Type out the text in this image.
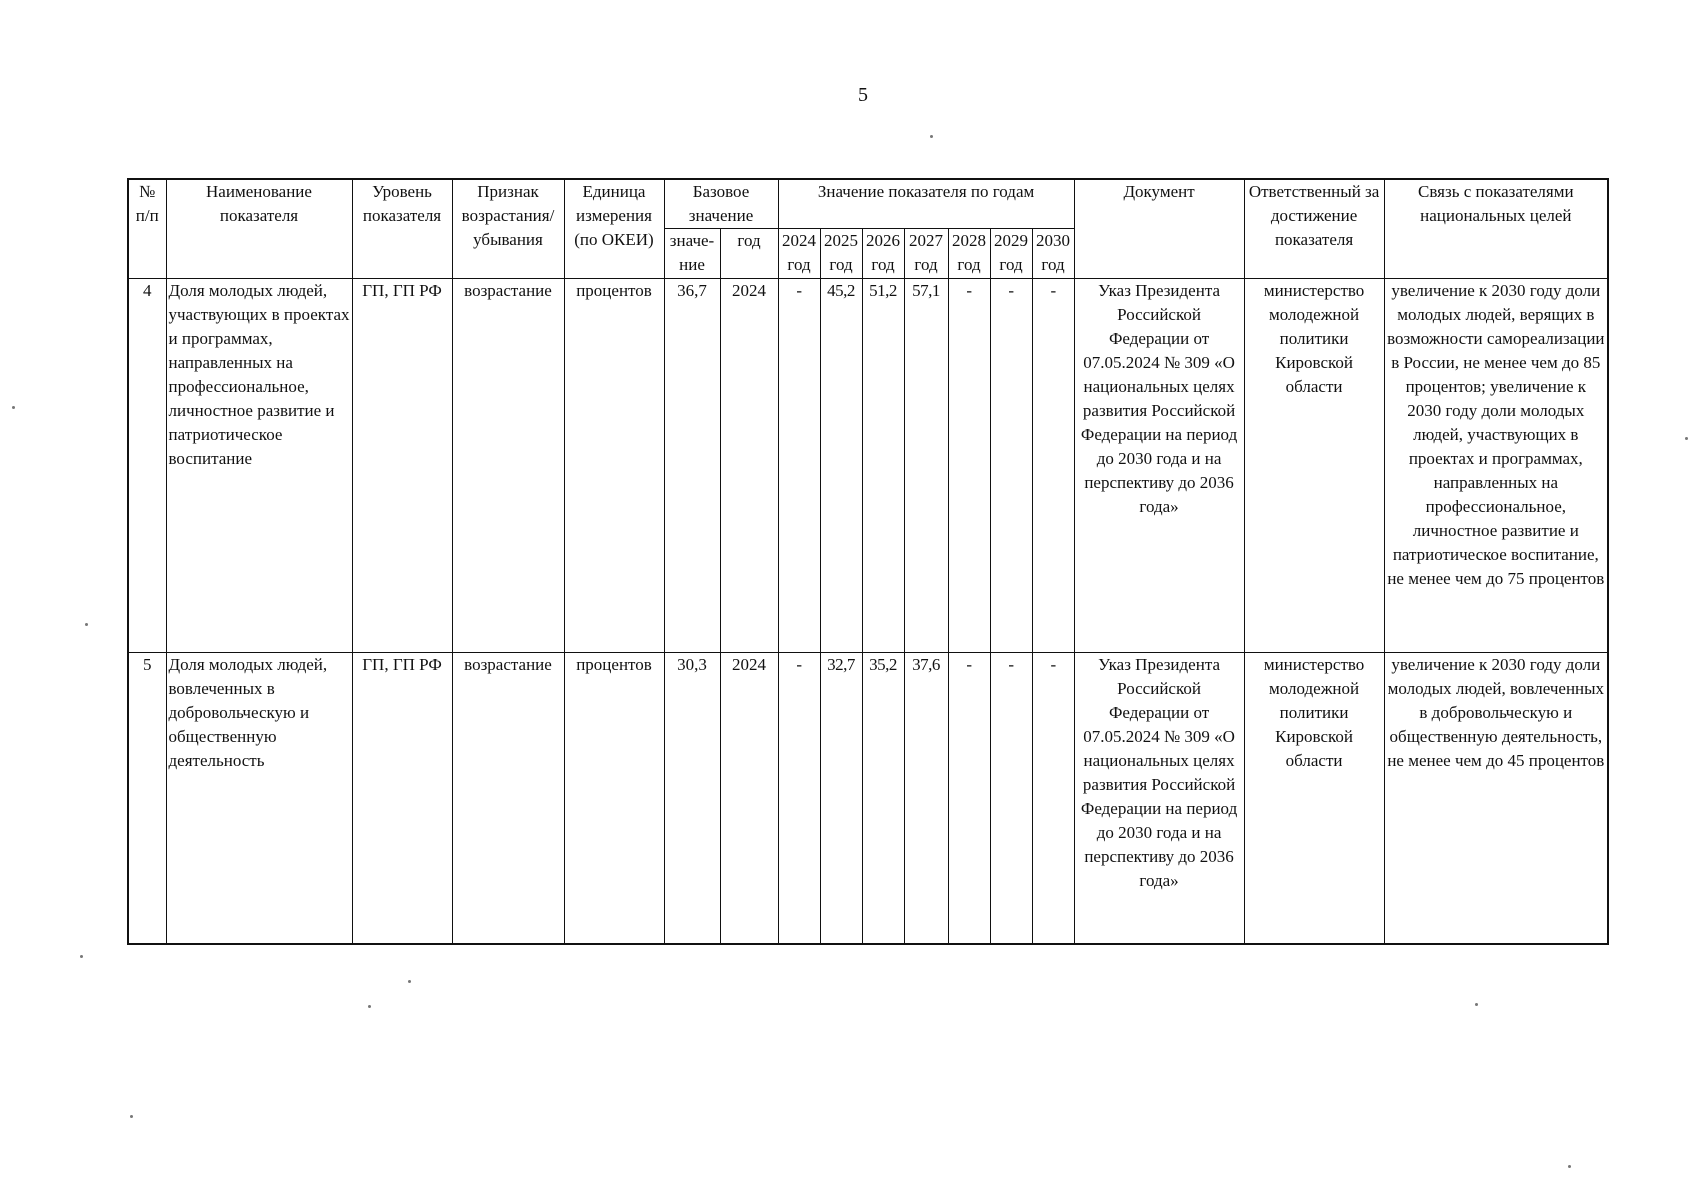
5
№ п/п	Наименование показателя	Уровень показателя	Признак возрастания/ убывания	Единица измерения (по ОКЕИ)	Базовое значение		Значение показателя по годам							Документ	Ответственный за достижение показателя	Связь с показателями национальных целей
					значе-ние	год	2024 год	2025 год	2026 год	2027 год	2028 год	2029 год	2030 год			
4	Доля молодых людей, участвующих в проектах и программах, направленных на профессиональное, личностное развитие и патриотическое воспитание	ГП, ГП РФ	возрастание	процентов	36,7	2024	-	45,2	51,2	57,1	-	-	-	Указ Президента Российской Федерации от 07.05.2024 № 309 «О национальных целях развития Российской Федерации на период до 2030 года и на перспективу до 2036 года»	министерство молодежной политики Кировской области	увеличение к 2030 году доли молодых людей, верящих в возможности самореализации в России, не менее чем до 85 процентов; увеличение к 2030 году доли молодых людей, участвующих в проектах и программах, направленных на профессиональное, личностное развитие и патриотическое воспитание, не менее чем до 75 процентов
5	Доля молодых людей, вовлеченных в добровольческую и общественную деятельность	ГП, ГП РФ	возрастание	процентов	30,3	2024	-	32,7	35,2	37,6	-	-	-	Указ Президента Российской Федерации от 07.05.2024 № 309 «О национальных целях развития Российской Федерации на период до 2030 года и на перспективу до 2036 года»	министерство молодежной политики Кировской области	увеличение к 2030 году доли молодых людей, вовлеченных в добровольческую и общественную деятельность, не менее чем до 45 процентов
